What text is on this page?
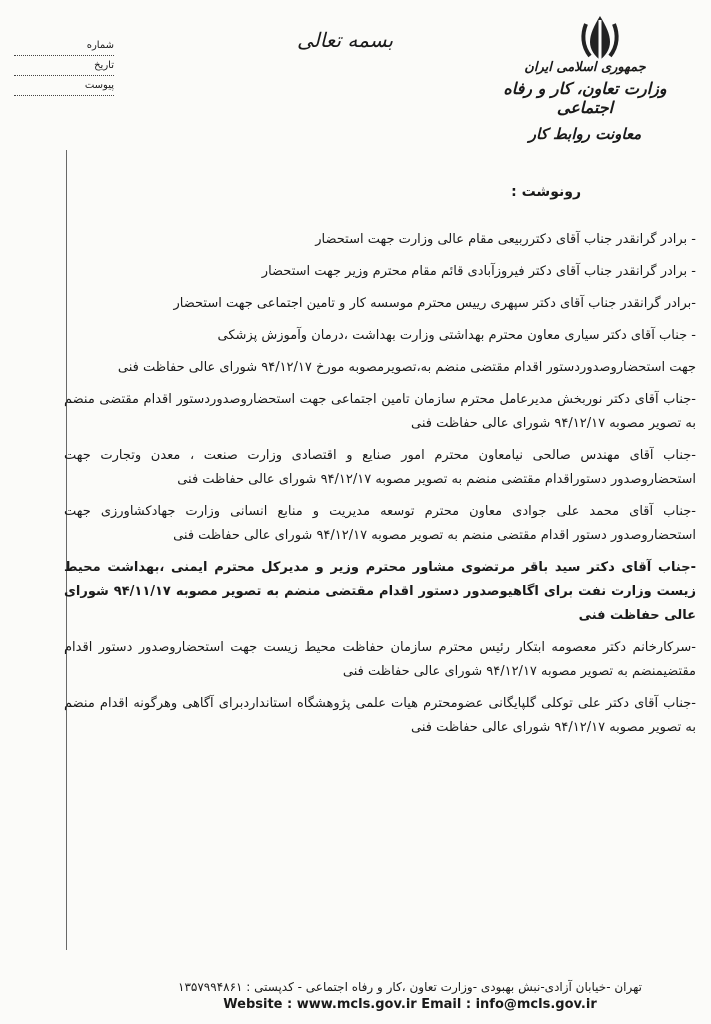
شماره
تاریخ
پیوست
بسمه تعالی
جمهوری اسلامی ایران
وزارت تعاون، کار و رفاه اجتماعی
معاونت روابط کار
رونوشت :
- برادر گرانقدر جناب آقای دکترربیعی مقام عالی وزارت جهت استحضار
- برادر گرانقدر جناب آقای دکتر فیروزآبادی قائم مقام محترم وزیر جهت استحضار
-برادر گرانقدر جناب آقای دکتر سپهری رییس محترم موسسه کار و تامین اجتماعی جهت استحضار
- جناب آقای دکتر سیاری معاون محترم بهداشتی وزارت بهداشت ،درمان وآموزش پزشکی
جهت استحضاروصدوردستور اقدام مقتضی منضم به،تصویرمصوبه مورخ ۹۴/۱۲/۱۷ شورای عالی حفاظت فنی
-جناب آقای دکتر نوربخش مدیرعامل محترم سازمان تامین اجتماعی جهت استحضاروصدوردستور اقدام مقتضی منضم به تصویر مصوبه ۹۴/۱۲/۱۷ شورای عالی حفاظت فنی
-جناب آقای مهندس صالحی نیامعاون محترم امور صنایع و اقتصادی وزارت صنعت ، معدن وتجارت جهت استحضاروصدور دستوراقدام مقتضی منضم به تصویر مصوبه ۹۴/۱۲/۱۷ شورای عالی حفاظت فنی
-جناب آقای محمد علی جوادی معاون محترم توسعه مدیریت و منابع انسانی وزارت جهادکشاورزی جهت استحضاروصدور دستور اقدام مقتضی منضم به تصویر مصوبه ۹۴/۱۲/۱۷ شورای عالی حفاظت فنی
-جناب آقای دکتر سید باقر مرتضوی مشاور محترم وزیر و مدیرکل محترم ایمنی ،بهداشت محیط زیست وزارت نفت برای اگاهیوصدور دستور اقدام مقتضی منضم به تصویر مصوبه ۹۴/۱۱/۱۷ شورای عالی حفاظت فنی
-سرکارخانم دکتر معصومه ابتکار رئیس محترم سازمان حفاظت محیط زیست جهت استحضاروصدور دستور اقدام مقتضیمنضم به تصویر مصوبه ۹۴/۱۲/۱۷ شورای عالی حفاظت فنی
-جناب آقای دکتر علی توکلی گلپایگانی عضومحترم هیات علمی پژوهشگاه استانداردبرای آگاهی وهرگونه اقدام منضم به تصویر مصوبه ۹۴/۱۲/۱۷ شورای عالی حفاظت فنی
تهران -خیابان آزادی-نبش بهبودی -وزارت تعاون ،کار و رفاه اجتماعی - کدپستی : ۱۳۵۷۹۹۴۸۶۱
Website : www.mcls.gov.ir Email : info@mcls.gov.ir
